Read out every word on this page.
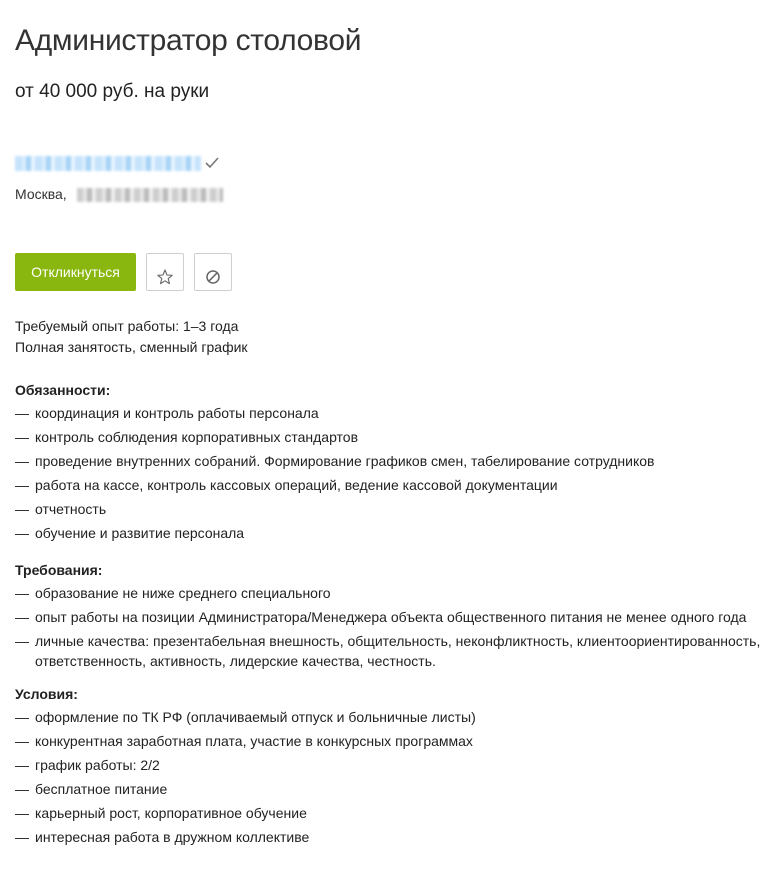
Администратор столовой
от 40 000 руб. на руки
Москва,
Откликнуться
Требуемый опыт работы: 1–3 года
Полная занятость, сменный график
Обязанности:
— координация и контроль работы персонала
— контроль соблюдения корпоративных стандартов
— проведение внутренних собраний. Формирование графиков смен, табелирование сотрудников
— работа на кассе, контроль кассовых операций, ведение кассовой документации
— отчетность
— обучение и развитие персонала
Требования:
— образование не ниже среднего специального
— опыт работы на позиции Администратора/Менеджера объекта общественного питания не менее одного года
— личные качества: презентабельная внешность, общительность, неконфликтность, клиентоориентированность, ответственность, активность, лидерские качества, честность.
Условия:
— оформление по ТК РФ (оплачиваемый отпуск и больничные листы)
— конкурентная заработная плата, участие в конкурсных программах
— график работы: 2/2
— бесплатное питание
— карьерный рост, корпоративное обучение
— интересная работа в дружном коллективе
